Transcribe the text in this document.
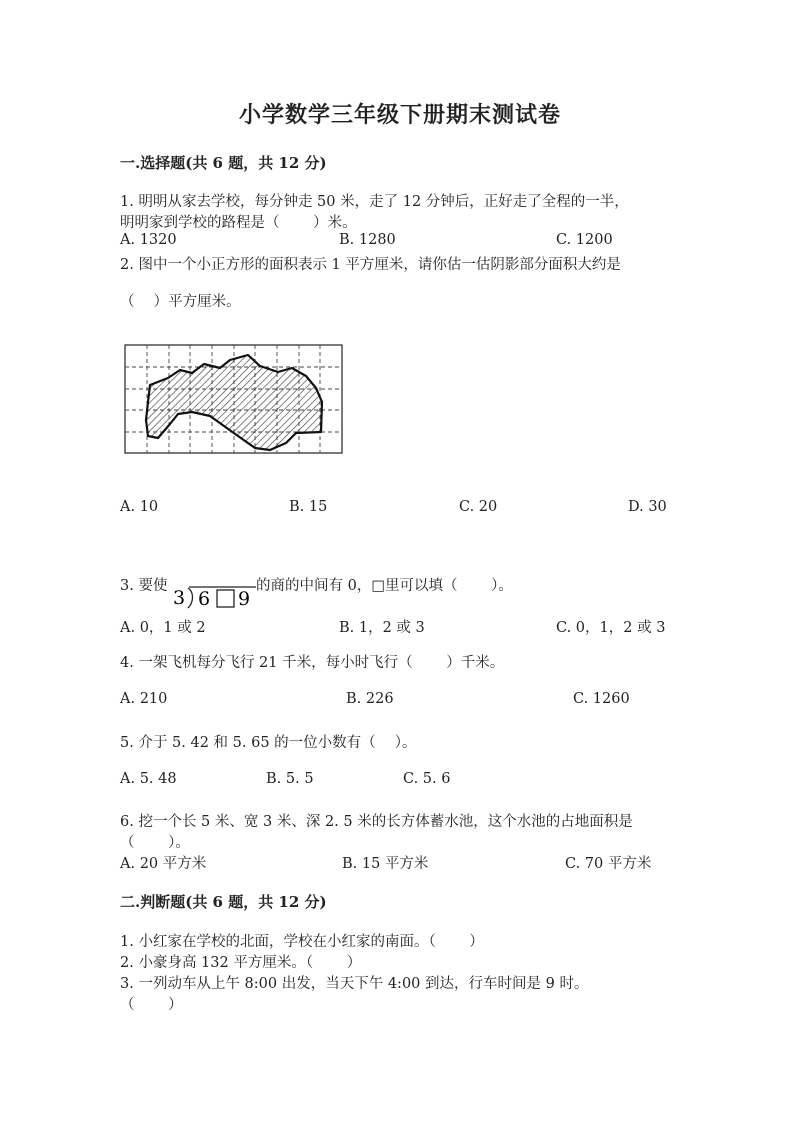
小学数学三年级下册期末测试卷
一.选择题(共 6 题，共 12 分)
1. 明明从家去学校，每分钟走 50 米，走了 12 分钟后，正好走了全程的一半，
明明家到学校的路程是（　　 ）米。
A. 1320	B. 1280	C. 1200
2. 图中一个小正方形的面积表示 1 平方厘米，请你估一估阴影部分面积大约是
（　 ）平方厘米。
A. 10	B. 15	C. 20	D. 30
3. 要使
3 6 9
的商的中间有 0，□里可以填（　　 ）。
A. 0，1 或 2	B. 1，2 或 3	C. 0，1，2 或 3
4. 一架飞机每分飞行 21 千米，每小时飞行（　　 ）千米。
A. 210	B. 226	C. 1260
5. 介于 5. 42 和 5. 65 的一位小数有（　 ）。
A. 5. 48	B. 5. 5	C. 5. 6
6. 挖一个长 5 米、宽 3 米、深 2. 5 米的长方体蓄水池，这个水池的占地面积是
（　　 ）。
A. 20 平方米	B. 15 平方米	C. 70 平方米
二.判断题(共 6 题，共 12 分)
1. 小红家在学校的北面，学校在小红家的南面。（　　 ）
2. 小豪身高 132 平方厘米。（　　 ）
3. 一列动车从上午 8:00 出发，当天下午 4:00 到达，行车时间是 9 时。
（　　 ）
